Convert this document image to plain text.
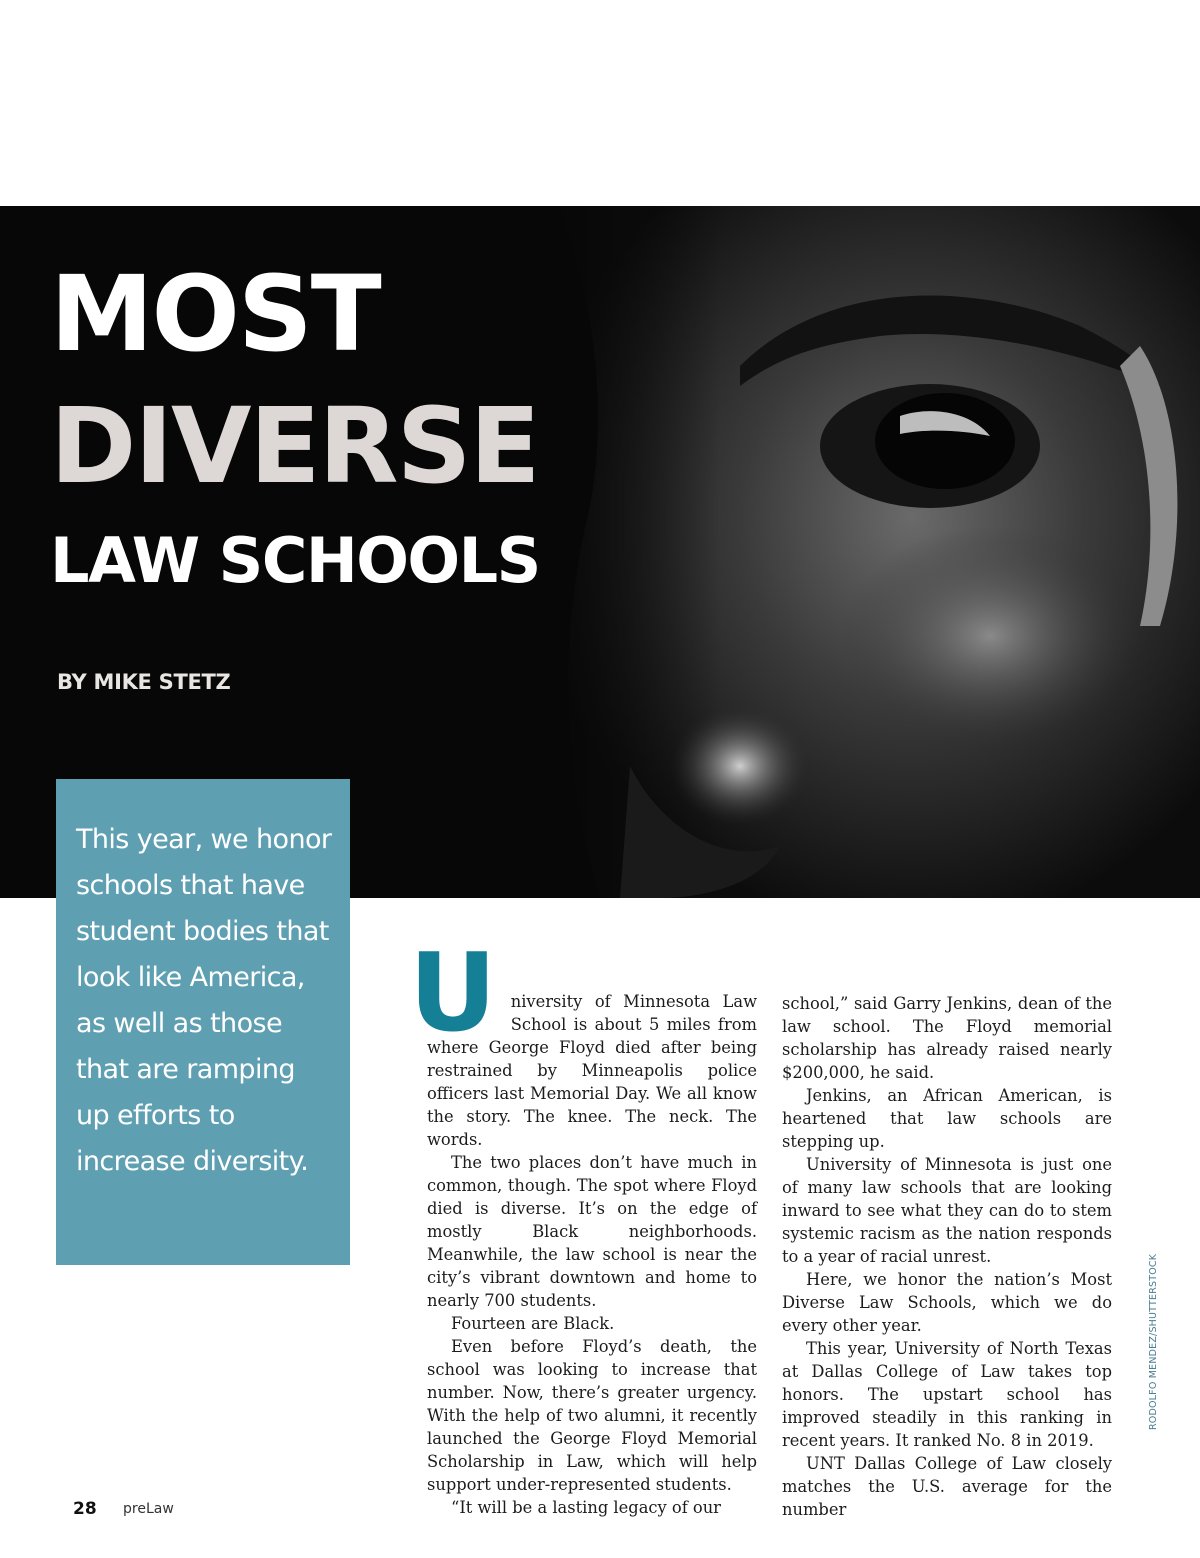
MOST
DIVERSE
LAW SCHOOLS
BY MIKE STETZ

This year, we honor schools that have student bodies that look like America, as well as those that are ramping up efforts to increase diversity.

University of Minnesota Law School is about 5 miles from where George Floyd died after being restrained by Minneapolis police officers last Memorial Day. We all know the story. The knee. The neck. The words.

The two places don’t have much in common, though. The spot where Floyd died is diverse. It’s on the edge of mostly Black neighborhoods. Meanwhile, the law school is near the city’s vibrant downtown and home to nearly 700 students.

Fourteen are Black.

Even before Floyd’s death, the school was looking to increase that number. Now, there’s greater urgency. With the help of two alumni, it recently launched the George Floyd Memorial Scholarship in Law, which will help support under-represented students.

“It will be a lasting legacy of our

school,” said Garry Jenkins, dean of the law school. The Floyd memorial scholarship has already raised nearly $200,000, he said.

Jenkins, an African American, is heartened that law schools are stepping up.

University of Minnesota is just one of many law schools that are looking inward to see what they can do to stem systemic racism as the nation responds to a year of racial unrest.

Here, we honor the nation’s Most Diverse Law Schools, which we do every other year.

This year, University of North Texas at Dallas College of Law takes top honors. The upstart school has improved steadily in this ranking in recent years. It ranked No. 8 in 2019.

UNT Dallas College of Law closely matches the U.S. average for the number

RODOLFO MENDEZ/SHUTTERSTOCK
28 preLaw
